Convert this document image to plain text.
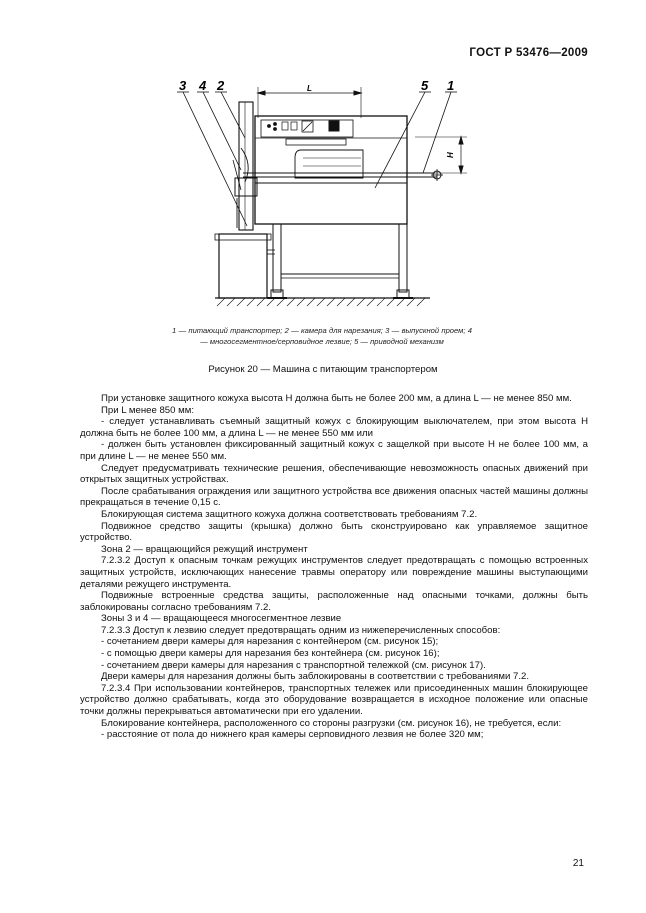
ГОСТ Р 53476—2009
3 4 2	5 1
L
H
1 — питающий транспортер; 2 — камера для нарезания; 3 — выпускной проем; 4 — многосегментное/серповидное лезвие; 5 — приводной механизм
Рисунок 20 — Машина с питающим транспортером

При установке защитного кожуха высота H должна быть не более 200 мм, а длина L — не менее 850 мм.

При L менее 850 мм:

- следует устанавливать съемный защитный кожух с блокирующим выключателем, при этом высота H должна быть не более 100 мм, а длина L — не менее 550 мм или

- должен быть установлен фиксированный защитный кожух с защелкой при высоте H не более 100 мм, а при длине L — не менее 550 мм.

Следует предусматривать технические решения, обеспечивающие невозможность опасных движений при открытых защитных устройствах.

После срабатывания ограждения или защитного устройства все движения опасных частей машины должны прекращаться в течение 0,15 с.

Блокирующая система защитного кожуха должна соответствовать требованиям 7.2.

Подвижное средство защиты (крышка) должно быть сконструировано как управляемое защитное устройство.

Зона 2 — вращающийся режущий инструмент

7.2.3.2 Доступ к опасным точкам режущих инструментов следует предотвращать с помощью встроенных защитных устройств, исключающих нанесение травмы оператору или повреждение машины выступающими деталями режущего инструмента.

Подвижные встроенные средства защиты, расположенные над опасными точками, должны быть заблокированы согласно требованиям 7.2.

Зоны 3 и 4 — вращающееся многосегментное лезвие

7.2.3.3 Доступ к лезвию следует предотвращать одним из нижеперечисленных способов:

- сочетанием двери камеры для нарезания с контейнером (см. рисунок 15);

- с помощью двери камеры для нарезания без контейнера (см. рисунок 16);

- сочетанием двери камеры для нарезания с транспортной тележкой (см. рисунок 17).

Двери камеры для нарезания должны быть заблокированы в соответствии с требованиями 7.2.

7.2.3.4 При использовании контейнеров, транспортных тележек или присоединенных машин блокирующее устройство должно срабатывать, когда это оборудование возвращается в исходное положение или опасные точки должны перекрываться автоматически при его удалении.

Блокирование контейнера, расположенного со стороны разгрузки (см. рисунок 16), не требуется, если:

- расстояние от пола до нижнего края камеры серповидного лезвия не более 320 мм;

21
